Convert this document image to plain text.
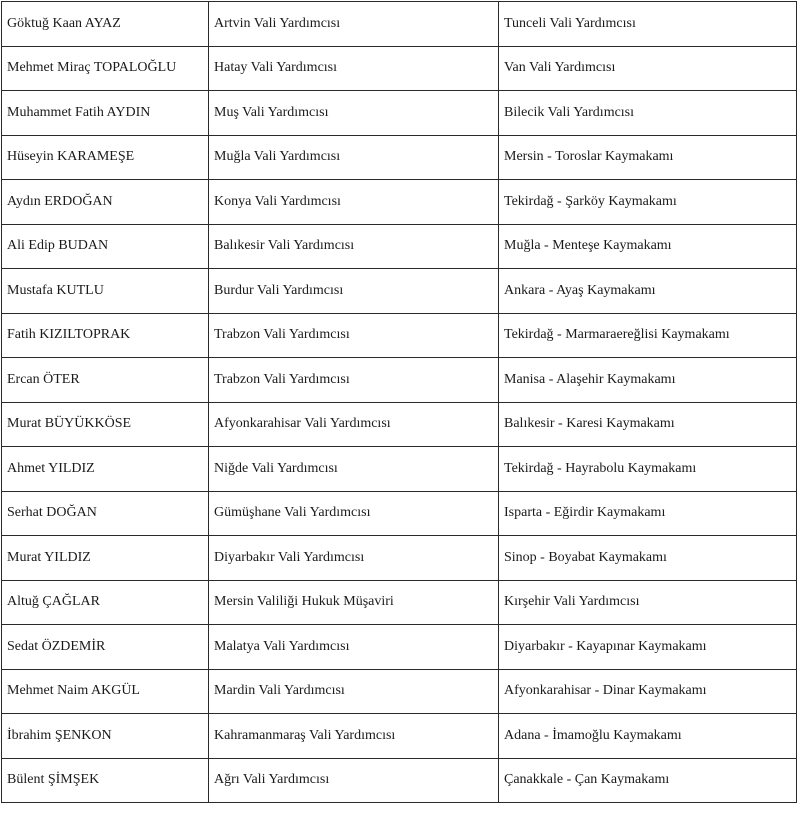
Göktuğ Kaan AYAZ	Artvin Vali Yardımcısı	Tunceli Vali Yardımcısı
Mehmet Miraç TOPALOĞLU	Hatay Vali Yardımcısı	Van Vali Yardımcısı
Muhammet Fatih AYDIN	Muş Vali Yardımcısı	Bilecik Vali Yardımcısı
Hüseyin KARAMEŞE	Muğla Vali Yardımcısı	Mersin - Toroslar Kaymakamı
Aydın ERDOĞAN	Konya Vali Yardımcısı	Tekirdağ - Şarköy Kaymakamı
Ali Edip BUDAN	Balıkesir Vali Yardımcısı	Muğla - Menteşe Kaymakamı
Mustafa KUTLU	Burdur Vali Yardımcısı	Ankara - Ayaş Kaymakamı
Fatih KIZILTOPRAK	Trabzon Vali Yardımcısı	Tekirdağ - Marmaraereğlisi Kaymakamı
Ercan ÖTER	Trabzon Vali Yardımcısı	Manisa - Alaşehir Kaymakamı
Murat BÜYÜKKÖSE	Afyonkarahisar Vali Yardımcısı	Balıkesir - Karesi Kaymakamı
Ahmet YILDIZ	Niğde Vali Yardımcısı	Tekirdağ - Hayrabolu Kaymakamı
Serhat DOĞAN	Gümüşhane Vali Yardımcısı	Isparta - Eğirdir Kaymakamı
Murat YILDIZ	Diyarbakır Vali Yardımcısı	Sinop - Boyabat Kaymakamı
Altuğ ÇAĞLAR	Mersin Valiliği Hukuk Müşaviri	Kırşehir Vali Yardımcısı
Sedat ÖZDEMİR	Malatya Vali Yardımcısı	Diyarbakır - Kayapınar Kaymakamı
Mehmet Naim AKGÜL	Mardin Vali Yardımcısı	Afyonkarahisar - Dinar Kaymakamı
İbrahim ŞENKON	Kahramanmaraş Vali Yardımcısı	Adana - İmamoğlu Kaymakamı
Bülent ŞİMŞEK	Ağrı Vali Yardımcısı	Çanakkale - Çan Kaymakamı
